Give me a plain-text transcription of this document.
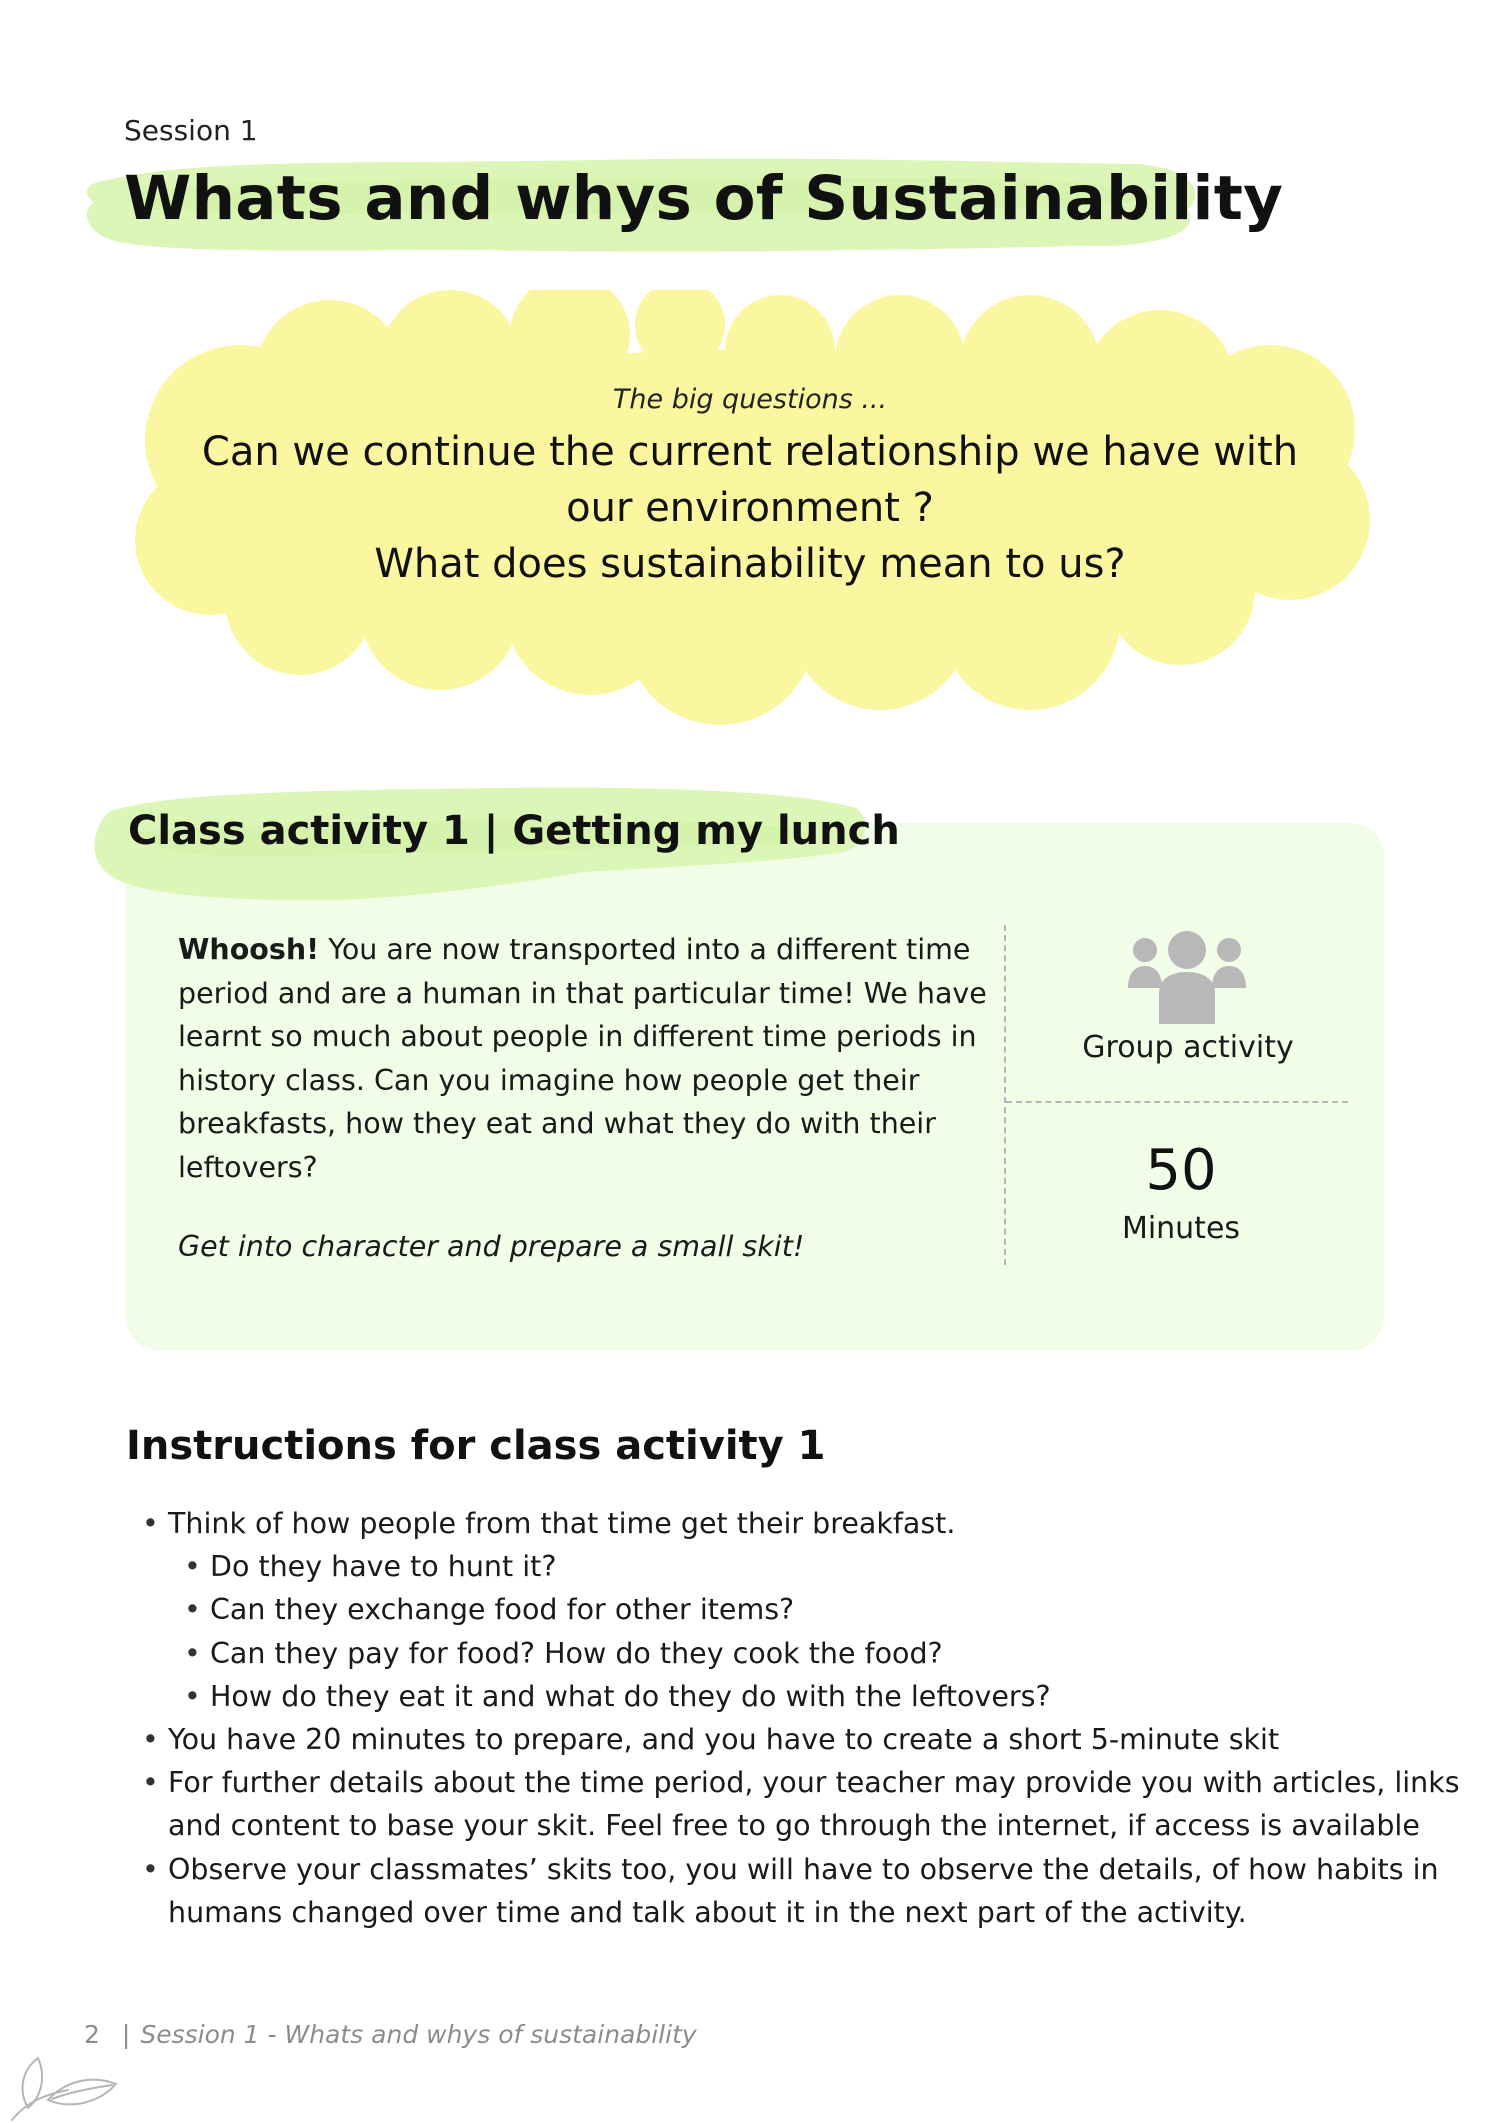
Session 1
Whats and whys of Sustainability
The big questions ...
Can we continue the current relationship we have with
our environment ?
What does sustainability mean to us?
Class activity 1 | Getting my lunch
Whoosh! You are now transported into a different time
period and are a human in that particular time! We have
learnt so much about people in different time periods in
history class. Can you imagine how people get their
breakfasts, how they eat and what they do with their
leftovers?
Get into character and prepare a small skit!
Group activity
50
Minutes
Instructions for class activity 1
• Think of how people from that time get their breakfast.
• Do they have to hunt it?
• Can they exchange food for other items?
• Can they pay for food? How do they cook the food?
• How do they eat it and what do they do with the leftovers?
• You have 20 minutes to prepare, and you have to create a short 5-minute skit
• For further details about the time period, your teacher may provide you with articles, links
and content to base your skit. Feel free to go through the internet, if access is available
• Observe your classmates’ skits too, you will have to observe the details, of how habits in
humans changed over time and talk about it in the next part of the activity.
2 | Session 1 - Whats and whys of sustainability
